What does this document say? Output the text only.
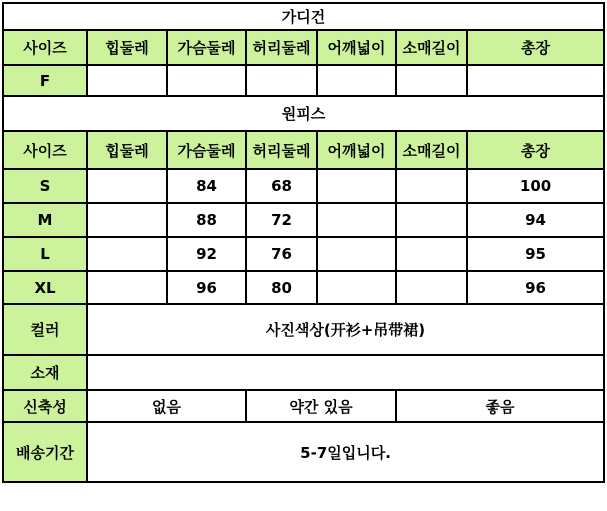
가디건						
사이즈	힙둘레	가슴둘레	허리둘레	어깨넓이	소매길이	총장
F						
원피스						
사이즈	힙둘레	가슴둘레	허리둘레	어깨넓이	소매길이	총장
S		84	68			100
M		88	72			94
L		92	76			95
XL		96	80			96
컬러	사진색상(开衫+吊带裙)					
소재						
신축성	없음		약간 있음		좋음	
배송기간	5-7일입니다.					
